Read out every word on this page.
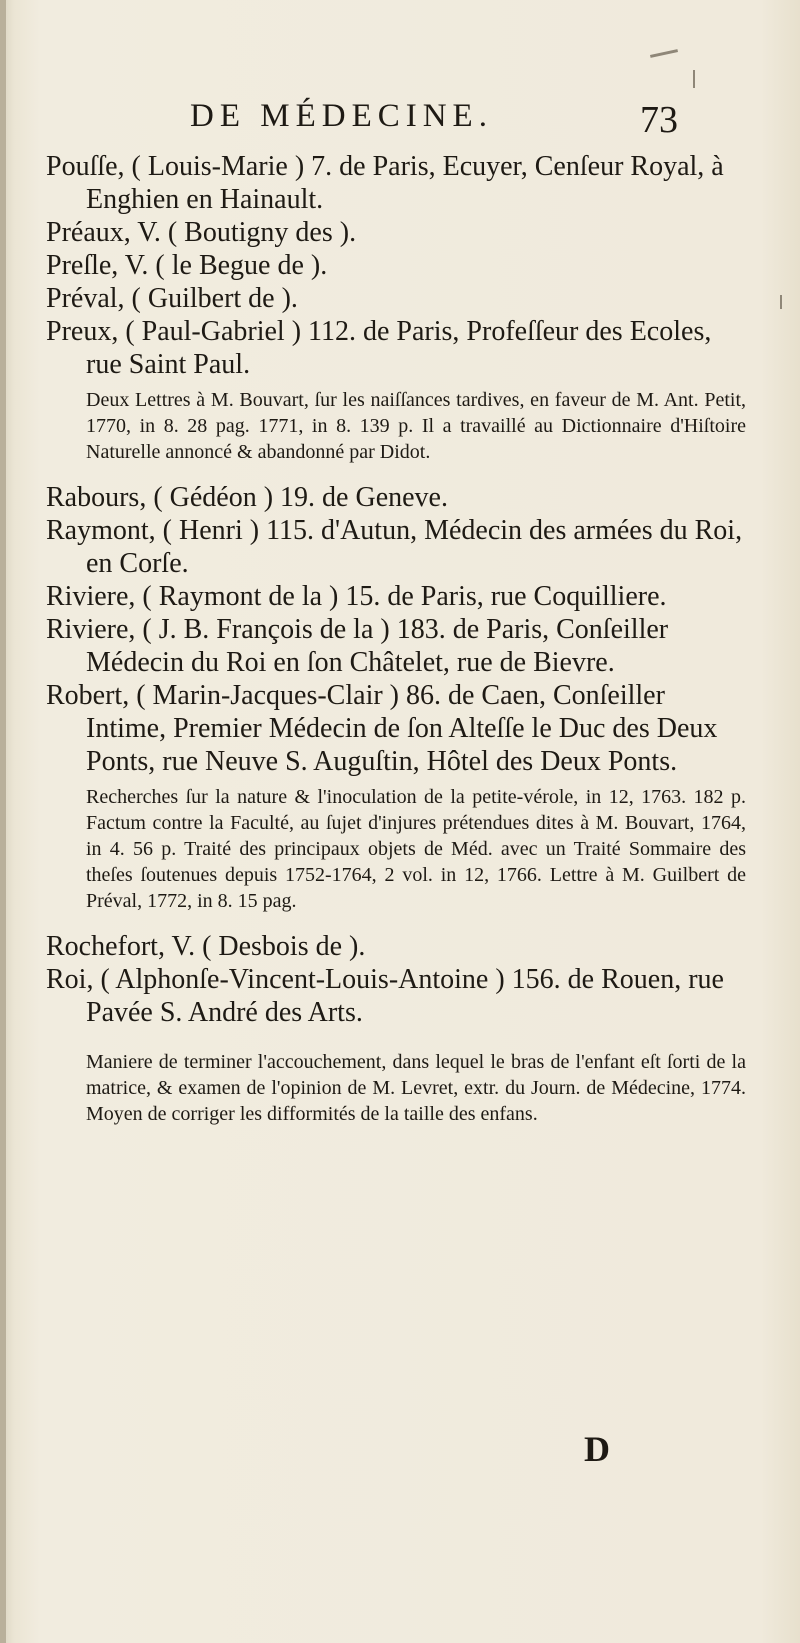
DE MÉDECINE.	73

Pouſſe, ( Louis-Marie ) 7. de Paris, Ecuyer, Cenſeur Royal, à Enghien en Hainault.

Préaux, V. ( Boutigny des ).

Preſle, V. ( le Begue de ).

Préval, ( Guilbert de ).

Preux, ( Paul-Gabriel ) 112. de Paris, Profeſſeur des Ecoles, rue Saint Paul.

Deux Lettres à M. Bouvart, ſur les naiſſances tardives, en faveur de M. Ant. Petit, 1770, in 8. 28 pag. 1771, in 8. 139 p. Il a travaillé au Dictionnaire d'Hiſtoire Naturelle annoncé & abandonné par Didot.

Rabours, ( Gédéon ) 19. de Geneve.

Raymont, ( Henri ) 115. d'Autun, Médecin des armées du Roi, en Corſe.

Riviere, ( Raymont de la ) 15. de Paris, rue Coquilliere.

Riviere, ( J. B. François de la ) 183. de Paris, Conſeiller Médecin du Roi en ſon Châtelet, rue de Bievre.

Robert, ( Marin-Jacques-Clair ) 86. de Caen, Conſeiller Intime, Premier Médecin de ſon Alteſſe le Duc des Deux Ponts, rue Neuve S. Auguſtin, Hôtel des Deux Ponts.

Recherches ſur la nature & l'inoculation de la petite-vérole, in 12, 1763. 182 p. Factum contre la Faculté, au ſujet d'injures prétendues dites à M. Bouvart, 1764, in 4. 56 p. Traité des principaux objets de Méd. avec un Traité Sommaire des theſes ſoutenues depuis 1752-1764, 2 vol. in 12, 1766. Lettre à M. Guilbert de Préval, 1772, in 8. 15 pag.

Rochefort, V. ( Desbois de ).

Roi, ( Alphonſe-Vincent-Louis-Antoine ) 156. de Rouen, rue Pavée S. André des Arts.

Maniere de terminer l'accouchement, dans lequel le bras de l'enfant eſt ſorti de la matrice, & examen de l'opinion de M. Levret, extr. du Journ. de Médecine, 1774. Moyen de corriger les difformités de la taille des enfans.

D
